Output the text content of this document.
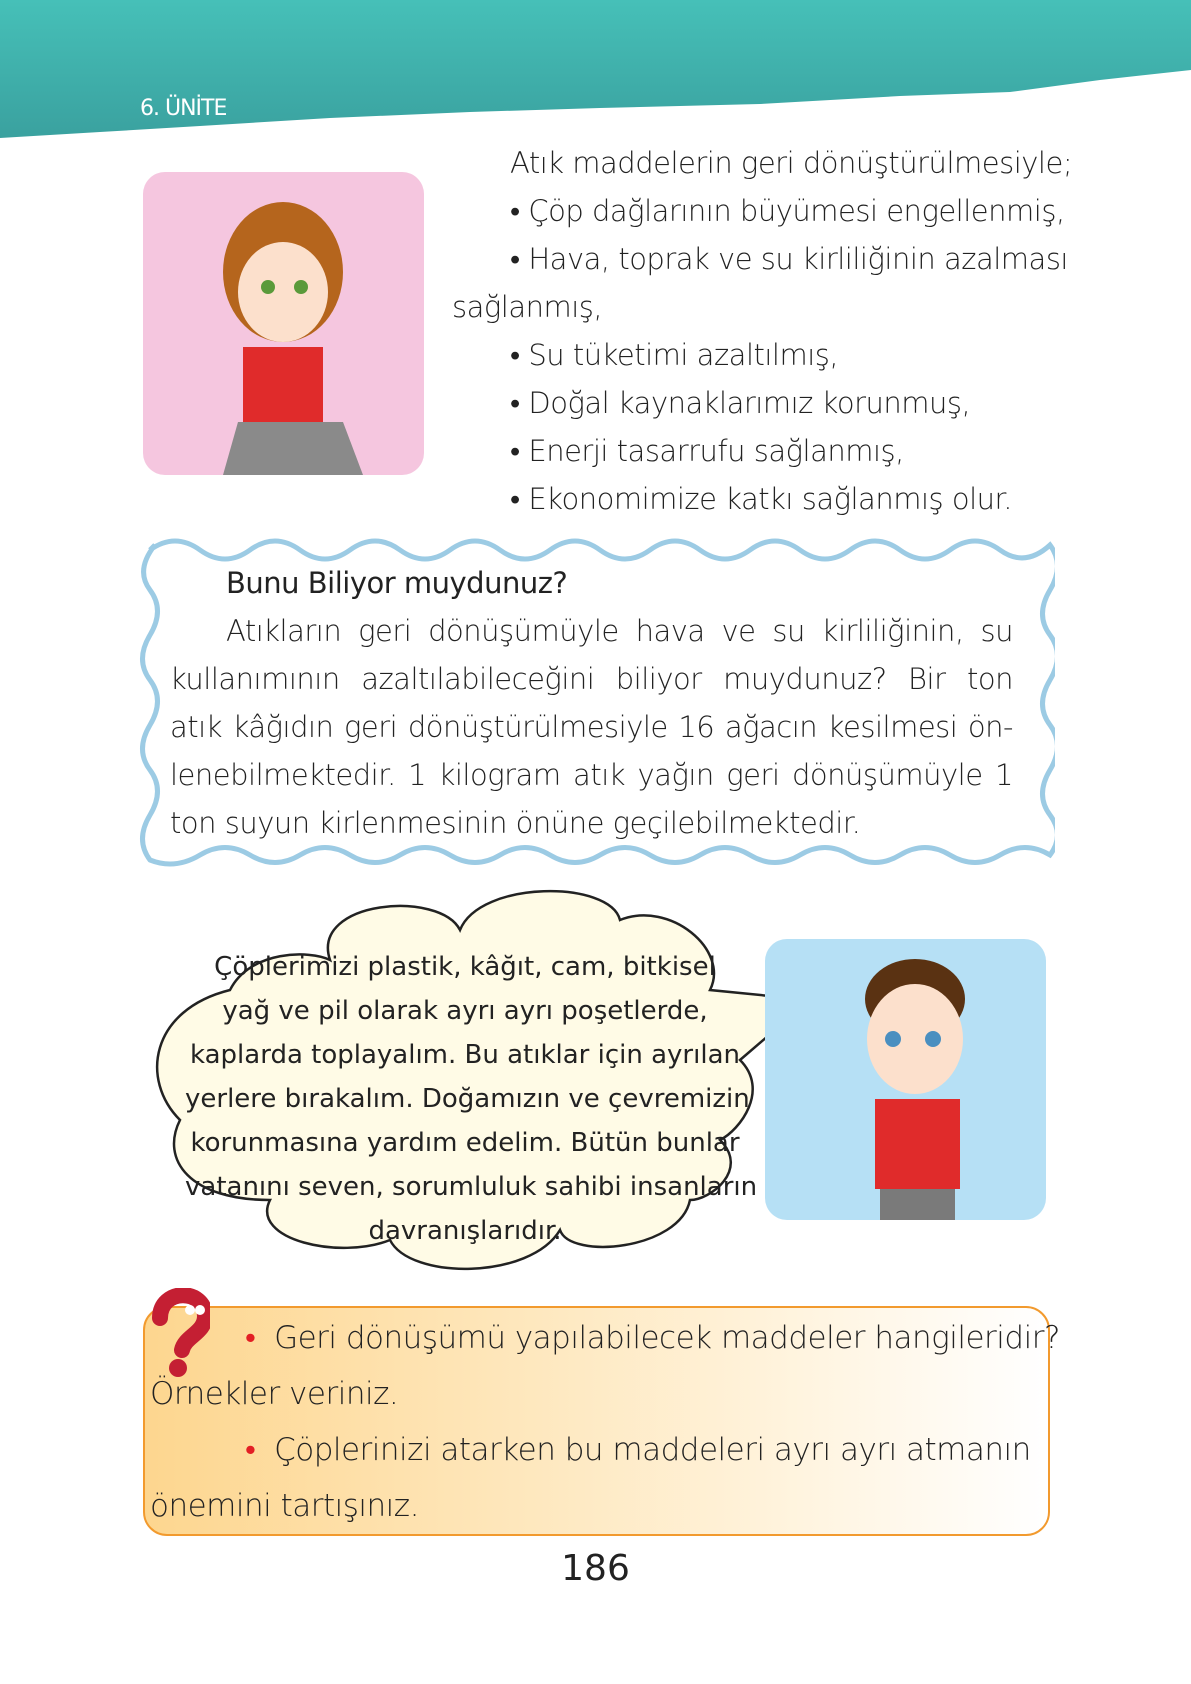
6. ÜNİTE
Atık maddelerin geri dönüştürülmesiyle;
• Çöp dağlarının büyümesi engellenmiş,
• Hava, toprak ve su kirliliğinin azalması
sağlanmış,
• Su tüketimi azaltılmış,
• Doğal kaynaklarımız korunmuş,
• Enerji tasarrufu sağlanmış,
• Ekonomimize katkı sağlanmış olur.
Bunu Biliyor muydunuz?
Atıkların geri dönüşümüyle hava ve su kirliliğinin, su
kullanımının azaltılabileceğini biliyor muydunuz? Bir ton
atık kâğıdın geri dönüştürülmesiyle 16 ağacın kesilmesi ön-
lenebilmektedir. 1 kilogram atık yağın geri dönüşümüyle 1
ton suyun kirlenmesinin önüne geçilebilmektedir.
Çöplerimizi plastik, kâğıt, cam, bitkisel
yağ ve pil olarak ayrı ayrı poşetlerde,
kaplarda toplayalım. Bu atıklar için ayrılan
yerlere bırakalım. Doğamızın ve çevremizin
korunmasına yardım edelim. Bütün bunlar
vatanını seven, sorumluluk sahibi insanların
davranışlarıdır.
• Geri dönüşümü yapılabilecek maddeler hangileridir?
Örnekler veriniz.
• Çöplerinizi atarken bu maddeleri ayrı ayrı atmanın
önemini tartışınız.
186
